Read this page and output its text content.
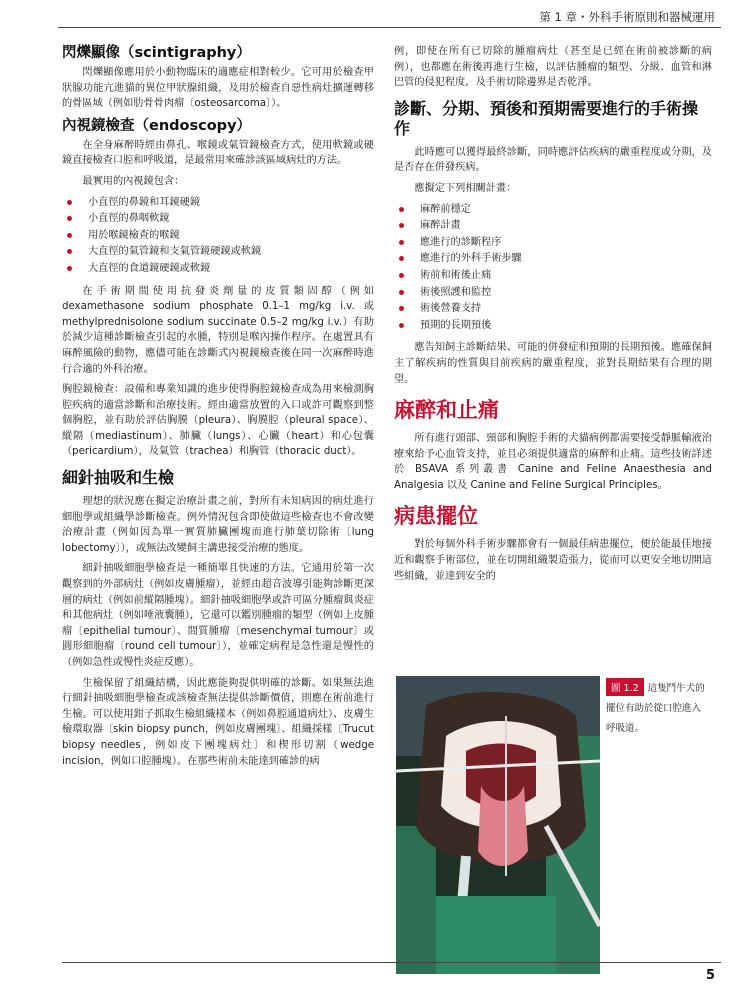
第 1 章・外科手術原則和器械運用
閃爍顯像（scintigraphy）

閃爍顯像應用於小動物臨床的適應症相對較少。它可用於檢查甲狀腺功能亢進貓的異位甲狀腺組織，及用於檢查自惡性病灶擴運轉移的骨區域（例如肋骨骨肉瘤〔osteosarcoma〕）。

內視鏡檢查（endoscopy）

在全身麻醉時經由鼻孔、喉鏡或氣管鏡檢查方式，使用軟鏡或硬鏡直接檢查口腔和呼吸道，是最常用來確診該區域病灶的方法。

最實用的內視鏡包含：

小直徑的鼻鏡和耳鏡硬鏡
小直徑的鼻咽軟鏡
用於喉鏡檢查的喉鏡
大直徑的氣管鏡和支氣管鏡硬鏡或軟鏡
大直徑的食道鏡硬鏡或軟鏡

在手術期間使用抗發炎劑量的皮質類固醇（例如 dexamethasone sodium phosphate 0.1–1 mg/kg i.v. 或 methylprednisolone sodium succinate 0.5–2 mg/kg i.v.）有助於減少這種診斷檢查引起的水腫，特別是喉內操作程序。在處置具有麻醉風險的動物，應儘可能在診斷式內視鏡檢查後在同一次麻醉時進行合適的外科治療。

胸腔鏡檢查：設備和專業知識的進步使得胸腔鏡檢查成為用來檢測胸腔疾病的適當診斷和治療技術。經由適當放置的入口或許可觀察到整個胸腔，並有助於評估胸膜（pleura）、胸膜腔（pleural space）、縱隔（mediastinum）、肺臟（lungs）、心臟（heart）和心包囊（pericardium），及氣管（trachea）和胸管（thoracic duct）。

細針抽吸和生檢

理想的狀況應在擬定治療計畫之前，對所有未知病因的病灶進行細胞學或組織學診斷檢查。例外情況包含即使做這些檢查也不會改變治療計畫（例如因為單一實質肺臟團塊而進行肺葉切除術〔lung lobectomy〕），或無法改變飼主講患接受治療的態度。

細針抽吸細胞學檢查是一種簡單且快速的方法。它通用於第一次觀察到的外部病灶（例如皮膚腫瘤），並經由超音波導引能夠診斷更深層的病灶（例如前縱隔腫塊）。細針抽吸細胞學或許可區分腫瘤與炎症和其他病灶（例如唾液囊腫），它還可以鑑別腫瘤的類型（例如上皮腫瘤〔epithelial tumour〕、間質腫瘤〔mesenchymal tumour〕或圓形細胞瘤〔round cell tumour〕），並確定病程是急性還是慢性的（例如急性或慢性炎症反應）。

生檢保留了組織結構，因此應能夠提供明確的診斷。如果無法進行細針抽吸細胞學檢查或該檢查無法提供診斷價值，則應在術前進行生檢。可以使用鉗子抓取生檢組織樣本（例如鼻腔通道病灶）、皮膚生檢環取器〔skin biopsy punch，例如皮膚團塊〕、組織採樣〔Trucut biopsy needles，例如皮下團塊病灶〕和楔形切割（wedge incision，例如口腔腫塊）。在那些術前未能達到確診的病

例，即使在所有已切除的腫瘤病灶（甚至是已經在術前被診斷的病例），也都應在術後再進行生檢，以評估腫瘤的類型、分級、血管和淋巴管的侵犯程度，及手術切除邊界是否乾淨。

診斷、分期、預後和預期需要進行的手術操作

此時應可以獲得最終診斷，同時應評估疾病的嚴重程度或分期，及是否存在併發疾病。

應擬定下列相關計畫：

麻醉前穩定
麻醉計畫
應進行的診斷程序
應進行的外科手術步驟
術前和術後止痛
術後照護和監控
術後營養支持
預期的長期預後

應告知飼主診斷結果、可能的併發症和預期的長期預後。應確保飼主了解疾病的性質與目前疾病的嚴重程度，並對長期結果有合理的期望。

麻醉和止痛

所有進行頭部、頸部和胸腔手術的犬貓病例都需要接受靜脈輸液治療來給予心血管支持，並且必須提供適當的麻醉和止痛。這些技術詳述於 BSAVA 系列叢書 Canine and Feline Anaesthesia and Analgesia 以及 Canine and Feline Surgical Principles。

病患擺位

對於每個外科手術步驟都會有一個最佳病患擺位，便於能最佳地接近和觀察手術部位，並在切開組織製造張力，從而可以更安全地切開這些組織，並達到安全的

圖 1.2 這隻鬥牛犬的擺位有助於從口腔進入呼吸道。
5
